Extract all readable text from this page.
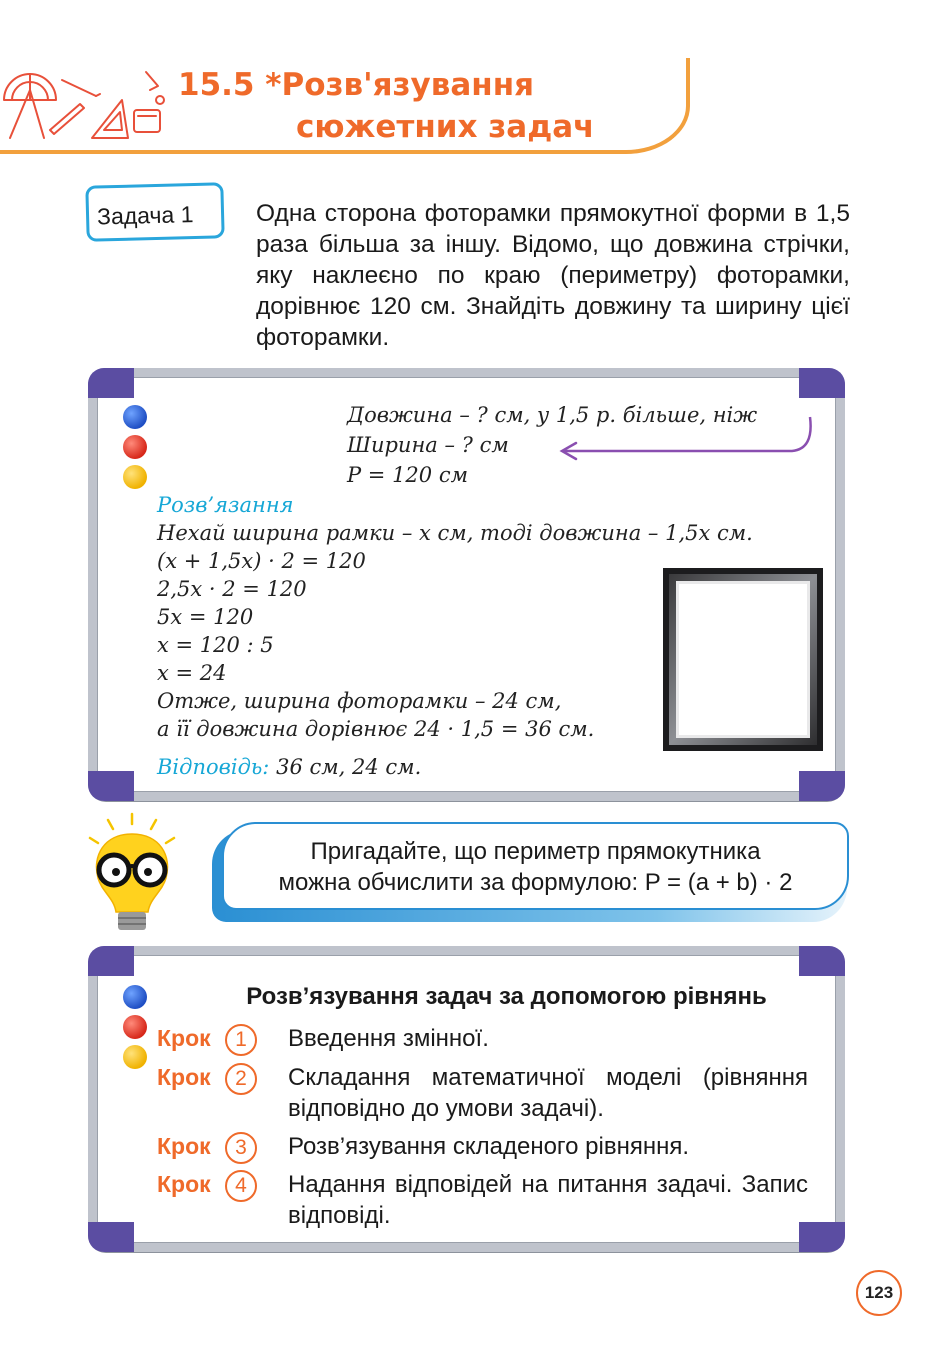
15.5 *Розв'язування
сюжетних задач
Задача 1	Одна сторона фоторамки прямокутної форми в 1,5 раза більша за іншу. Відомо, що довжина стрічки, яку наклеєно по краю (периметру) фоторамки, дорівнює 120 см. Знайдіть довжину та ширину цієї фоторамки.

Довжина – ? см, у 1,5 р. більше, ніж

Ширина – ? см

P = 120 см

Розв’язання

Нехай ширина рамки – x см, тоді довжина – 1,5x см.

(x + 1,5x) · 2 = 120

2,5x · 2 = 120

5x = 120

x = 120 : 5

x = 24

Отже, ширина фоторамки – 24 см,

а її довжина дорівнює 24 · 1,5 = 36 см.

Відповідь: 36 см, 24 см.

Пригадайте, що периметр прямокутника
можна обчислити за формулою: P = (a + b) · 2

Розв’язування задач за допомогою рівнянь

Крок	1	Введення змінної.
Крок	2	Складання математичної моделі (рівняння відповідно до умови задачі).
Крок	3	Розв’язування складеного рівняння.
Крок	4	Надання відповідей на питання задачі. Запис відповіді.
123
